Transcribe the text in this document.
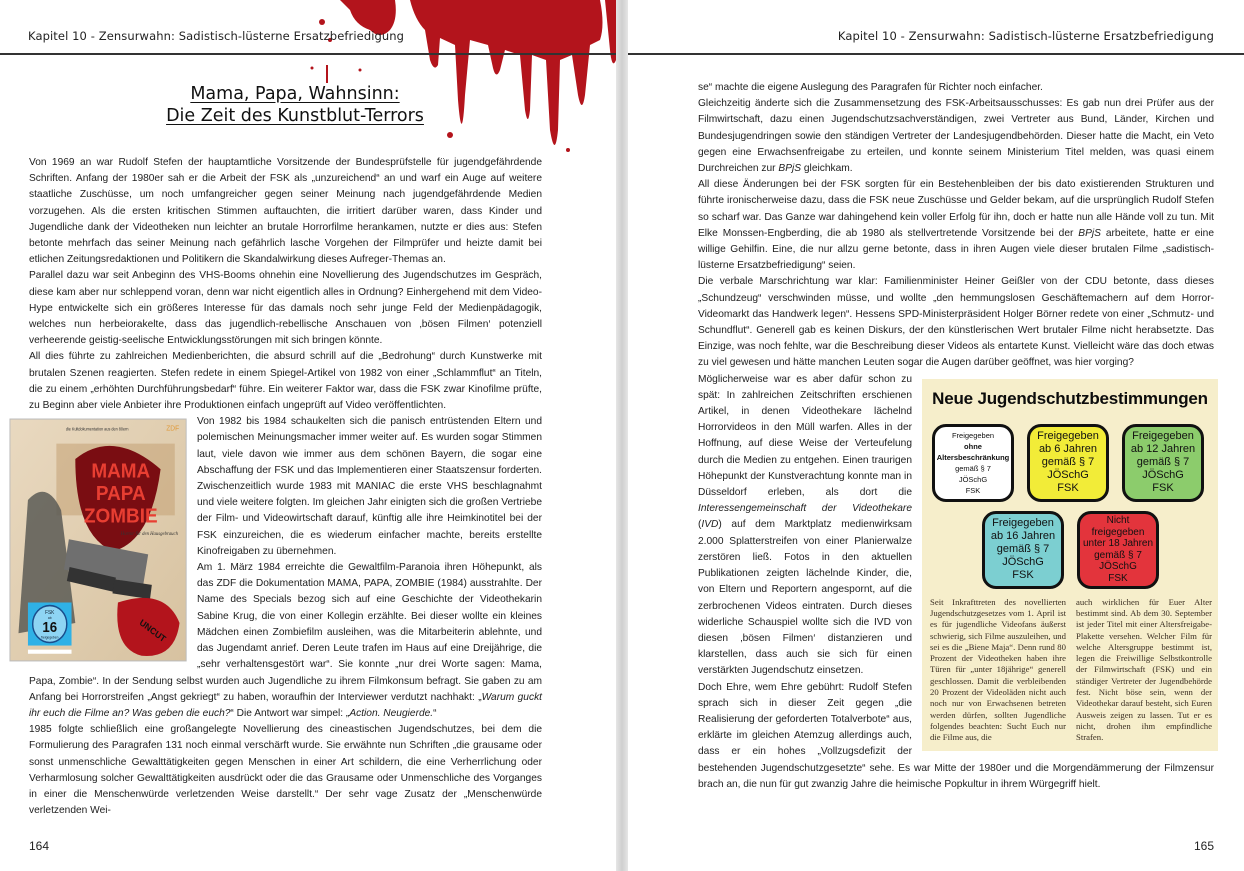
Kapitel 10 - Zensurwahn: Sadistisch-lüsterne Ersatzbefriedigung
Mama, Papa, Wahnsinn:
Die Zeit des Kunstblut-Terrors

Von 1969 an war Rudolf Stefen der hauptamtliche Vorsitzende der Bundesprüfstelle für jugendgefährdende Schriften. Anfang der 1980er sah er die Arbeit der FSK als „unzureichend“ an und warf ein Auge auf weitere staatliche Zuschüsse, um noch umfangreicher gegen seiner Meinung nach jugendgefährdende Medien vorzugehen. Als die ersten kritischen Stimmen auftauchten, die irritiert darüber waren, dass Kinder und Jugendliche dank der Videotheken nun leichter an brutale Horrorfilme herankamen, nutzte er dies aus: Stefen betonte mehrfach das seiner Meinung nach gefährlich lasche Vorgehen der Filmprüfer und heizte damit bei etlichen Zeitungsredaktionen und Politikern die Skandalwirkung dieses Aufreger-Themas an.

Parallel dazu war seit Anbeginn des VHS-Booms ohnehin eine Novellierung des Jugendschutzes im Gespräch, diese kam aber nur schleppend voran, denn war nicht eigentlich alles in Ordnung? Einhergehend mit dem Video-Hype entwickelte sich ein größeres Interesse für das damals noch sehr junge Feld der Medienpädagogik, welches nun herbeiorakelte, dass das jugendlich-rebellische Anschauen von ‚bösen Filmen‘ potenziell verheerende geistig-seelische Entwicklungsstörungen mit sich bringen könnte.

All dies führte zu zahlreichen Medienberichten, die absurd schrill auf die „Bedrohung“ durch Kunstwerke mit brutalen Szenen reagierten. Stefen redete in einem Spiegel-Artikel von 1982 von einer „Schlammflut“ an Titeln, die zu einem „erhöhten Durchführungsbedarf“ führe. Ein weiterer Faktor war, dass die FSK zwar Kinofilme prüfte, zu Beginn aber viele Anbieter ihre Produktionen einfach ungeprüft auf Video veröffentlichten.

MAMA
PAPA
ZOMBIE
die Kultdokumentation aus den 80ern	ZDF
Horror für den Hausgebrauch
UNCUT
FSK
ab
16
freigegeben

Von 1982 bis 1984 schaukelten sich die panisch entrüstenden Eltern und polemischen Meinungsmacher immer weiter auf. Es wurden sogar Stimmen laut, viele davon wie immer aus dem schönen Bayern, die sogar eine Abschaffung der FSK und das Implementieren einer Staatszensur forderten. Zwischenzeitlich wurde 1983 mit MANIAC die erste VHS beschlagnahmt und viele weitere folgten. Im gleichen Jahr einigten sich die großen Vertriebe der Film- und Videowirtschaft darauf, künftig alle ihre Heimkinotitel bei der FSK einzureichen, die es wiederum einfacher machte, bereits erstellte Kinofreigaben zu übernehmen.

Am 1. März 1984 erreichte die Gewaltfilm-Paranoia ihren Höhepunkt, als das ZDF die Dokumentation MAMA, PAPA, ZOMBIE (1984) ausstrahlte. Der Name des Specials bezog sich auf eine Geschichte der Videothekarin Sabine Krug, die von einer Kollegin erzählte. Bei dieser wollte ein kleines Mädchen einen Zombiefilm ausleihen, was die Mitarbeiterin ablehnte, und das Jugendamt anrief. Deren Leute trafen im Haus auf eine Dreijährige, die „sehr verhaltensgestört war“. Sie konnte „nur drei Worte sagen: Mama, Papa, Zombie“. In der Sendung selbst wurden auch Jugendliche zu ihrem Filmkonsum befragt. Sie gaben zu am Anfang bei Horrorstreifen „Angst gekriegt“ zu haben, woraufhin der Interviewer verdutzt nachhakt: „Warum guckt ihr euch die Filme an? Was geben die euch?“ Die Antwort war simpel: „Action. Neugierde.“

1985 folgte schließlich eine großangelegte Novellierung des cineastischen Jugendschutzes, bei dem die Formulierung des Paragrafen 131 noch einmal verschärft wurde. Sie erwähnte nun Schriften „die grausame oder sonst unmenschliche Gewalttätigkeiten gegen Menschen in einer Art schildern, die eine Verherrlichung oder Verharmlosung solcher Gewalttätigkeiten ausdrückt oder die das Grausame oder Unmenschliche des Vorganges in einer die Menschenwürde verletzenden Weise darstellt.“ Der sehr vage Zusatz der „Menschenwürde verletzenden Wei-

164
Kapitel 10 - Zensurwahn: Sadistisch-lüsterne Ersatzbefriedigung

se“ machte die eigene Auslegung des Paragrafen für Richter noch einfacher.

Gleichzeitig änderte sich die Zusammensetzung des FSK-Arbeitsausschusses: Es gab nun drei Prüfer aus der Filmwirtschaft, dazu einen Jugendschutzsachverständigen, zwei Vertreter aus Bund, Länder, Kirchen und Bundesjugendringen sowie den ständigen Vertreter der Landesjugendbehörden. Dieser hatte die Macht, ein Veto gegen eine Erwachsenfreigabe zu erteilen, und konnte seinem Ministerium Titel melden, was quasi einem Durchreichen zur BPjS gleichkam.

All diese Änderungen bei der FSK sorgten für ein Bestehenbleiben der bis dato existierenden Strukturen und führte ironischerweise dazu, dass die FSK neue Zuschüsse und Gelder bekam, auf die ursprünglich Rudolf Stefen so scharf war. Das Ganze war dahingehend kein voller Erfolg für ihn, doch er hatte nun alle Hände voll zu tun. Mit Elke Monssen-Engberding, die ab 1980 als stellvertretende Vorsitzende bei der BPjS arbeitete, hatte er eine willige Gehilfin. Eine, die nur allzu gerne betonte, dass in ihren Augen viele dieser brutalen Filme „sadistisch-lüsterne Ersatzbefriedigung“ seien.

Die verbale Marschrichtung war klar: Familienminister Heiner Geißler von der CDU betonte, dass dieses „Schundzeug“ verschwinden müsse, und wollte „den hemmungslosen Geschäftemachern auf dem Horror-Videomarkt das Handwerk legen“. Hessens SPD-Ministerpräsident Holger Börner redete von einer „Schmutz- und Schundflut“. Generell gab es keinen Diskurs, der den künstlerischen Wert brutaler Filme nicht herabsetzte. Das Einzige, was noch fehlte, war die Beschreibung dieser Videos als entartete Kunst. Vielleicht wäre das doch etwas zu viel gewesen und hätte manchen Leuten sogar die Augen darüber geöffnet, was hier vorging?

Neue Jugendschutzbestimmungen
Freigegeben
ohne
Altersbeschränkung
gemäß § 7
JÖSchG
FSK
Freigegeben
ab 6 Jahren
gemäß § 7
JÖSchG
FSK
Freigegeben
ab 12 Jahren
gemäß § 7
JÖSchG
FSK
Freigegeben
ab 16 Jahren
gemäß § 7
JÖSchG
FSK
Nicht
freigegeben
unter 18 Jahren
gemäß § 7
JÖSchG
FSK

Seit Inkrafttreten des novellierten Jugendschutzgesetzes vom 1. April ist es für jugendliche Videofans äußerst schwierig, sich Filme auszuleihen, und sei es die „Biene Maja“. Denn rund 80 Prozent der Videotheken haben ihre Türen für „unter 18jährige“ generell geschlossen. Damit die verbleibenden 20 Prozent der Videoläden nicht auch noch nur von Erwachsenen betreten werden dürfen, sollten Jugendliche folgendes beachten: Sucht Euch nur die Filme aus, die

auch wirklichen für Euer Alter bestimmt sind. Ab dem 30. September ist jeder Titel mit einer Altersfreigabe-Plakette versehen. Welcher Film für welche Altersgruppe bestimmt ist, legen die Freiwillige Selbstkontrolle der Filmwirtschaft (FSK) und ein ständiger Vertreter der Jugendbehörde fest. Nicht böse sein, wenn der Videothekar darauf besteht, sich Euren Ausweis zeigen zu lassen. Tut er es nicht, drohen ihm empfindliche Strafen.

Möglicherweise war es aber dafür schon zu spät: In zahlreichen Zeitschriften erschienen Artikel, in denen Videothekare lächelnd Horrorvideos in den Müll warfen. Alles in der Hoffnung, auf diese Weise der Verteufelung durch die Medien zu entgehen. Einen traurigen Höhepunkt der Kunstverachtung konnte man in Düsseldorf erleben, als dort die Interessengemeinschaft der Videothekare (IVD) auf dem Marktplatz medienwirksam 2.000 Splatterstreifen von einer Planierwalze zerstören ließ. Fotos in den aktuellen Publikationen zeigten lächelnde Kinder, die, von Eltern und Reportern angespornt, auf die zerbrochenen Videos eintraten. Durch dieses widerliche Schauspiel wollte sich die IVD von diesen ‚bösen Filmen‘ distanzieren und klarstellen, dass auch sie sich für einen verstärkten Jugendschutz einsetzen.

Doch Ehre, wem Ehre gebührt: Rudolf Stefen sprach sich in dieser Zeit gegen „die Realisierung der geforderten Totalverbote“ aus, erklärte im gleichen Atemzug allerdings auch, dass er ein hohes „Vollzugsdefizit der bestehenden Jugendschutzgesetzte“ sehe. Es war Mitte der 1980er und die Morgendämmerung der Filmzensur brach an, die nun für gut zwanzig Jahre die heimische Popkultur in ihrem Würgegriff hielt.

165
